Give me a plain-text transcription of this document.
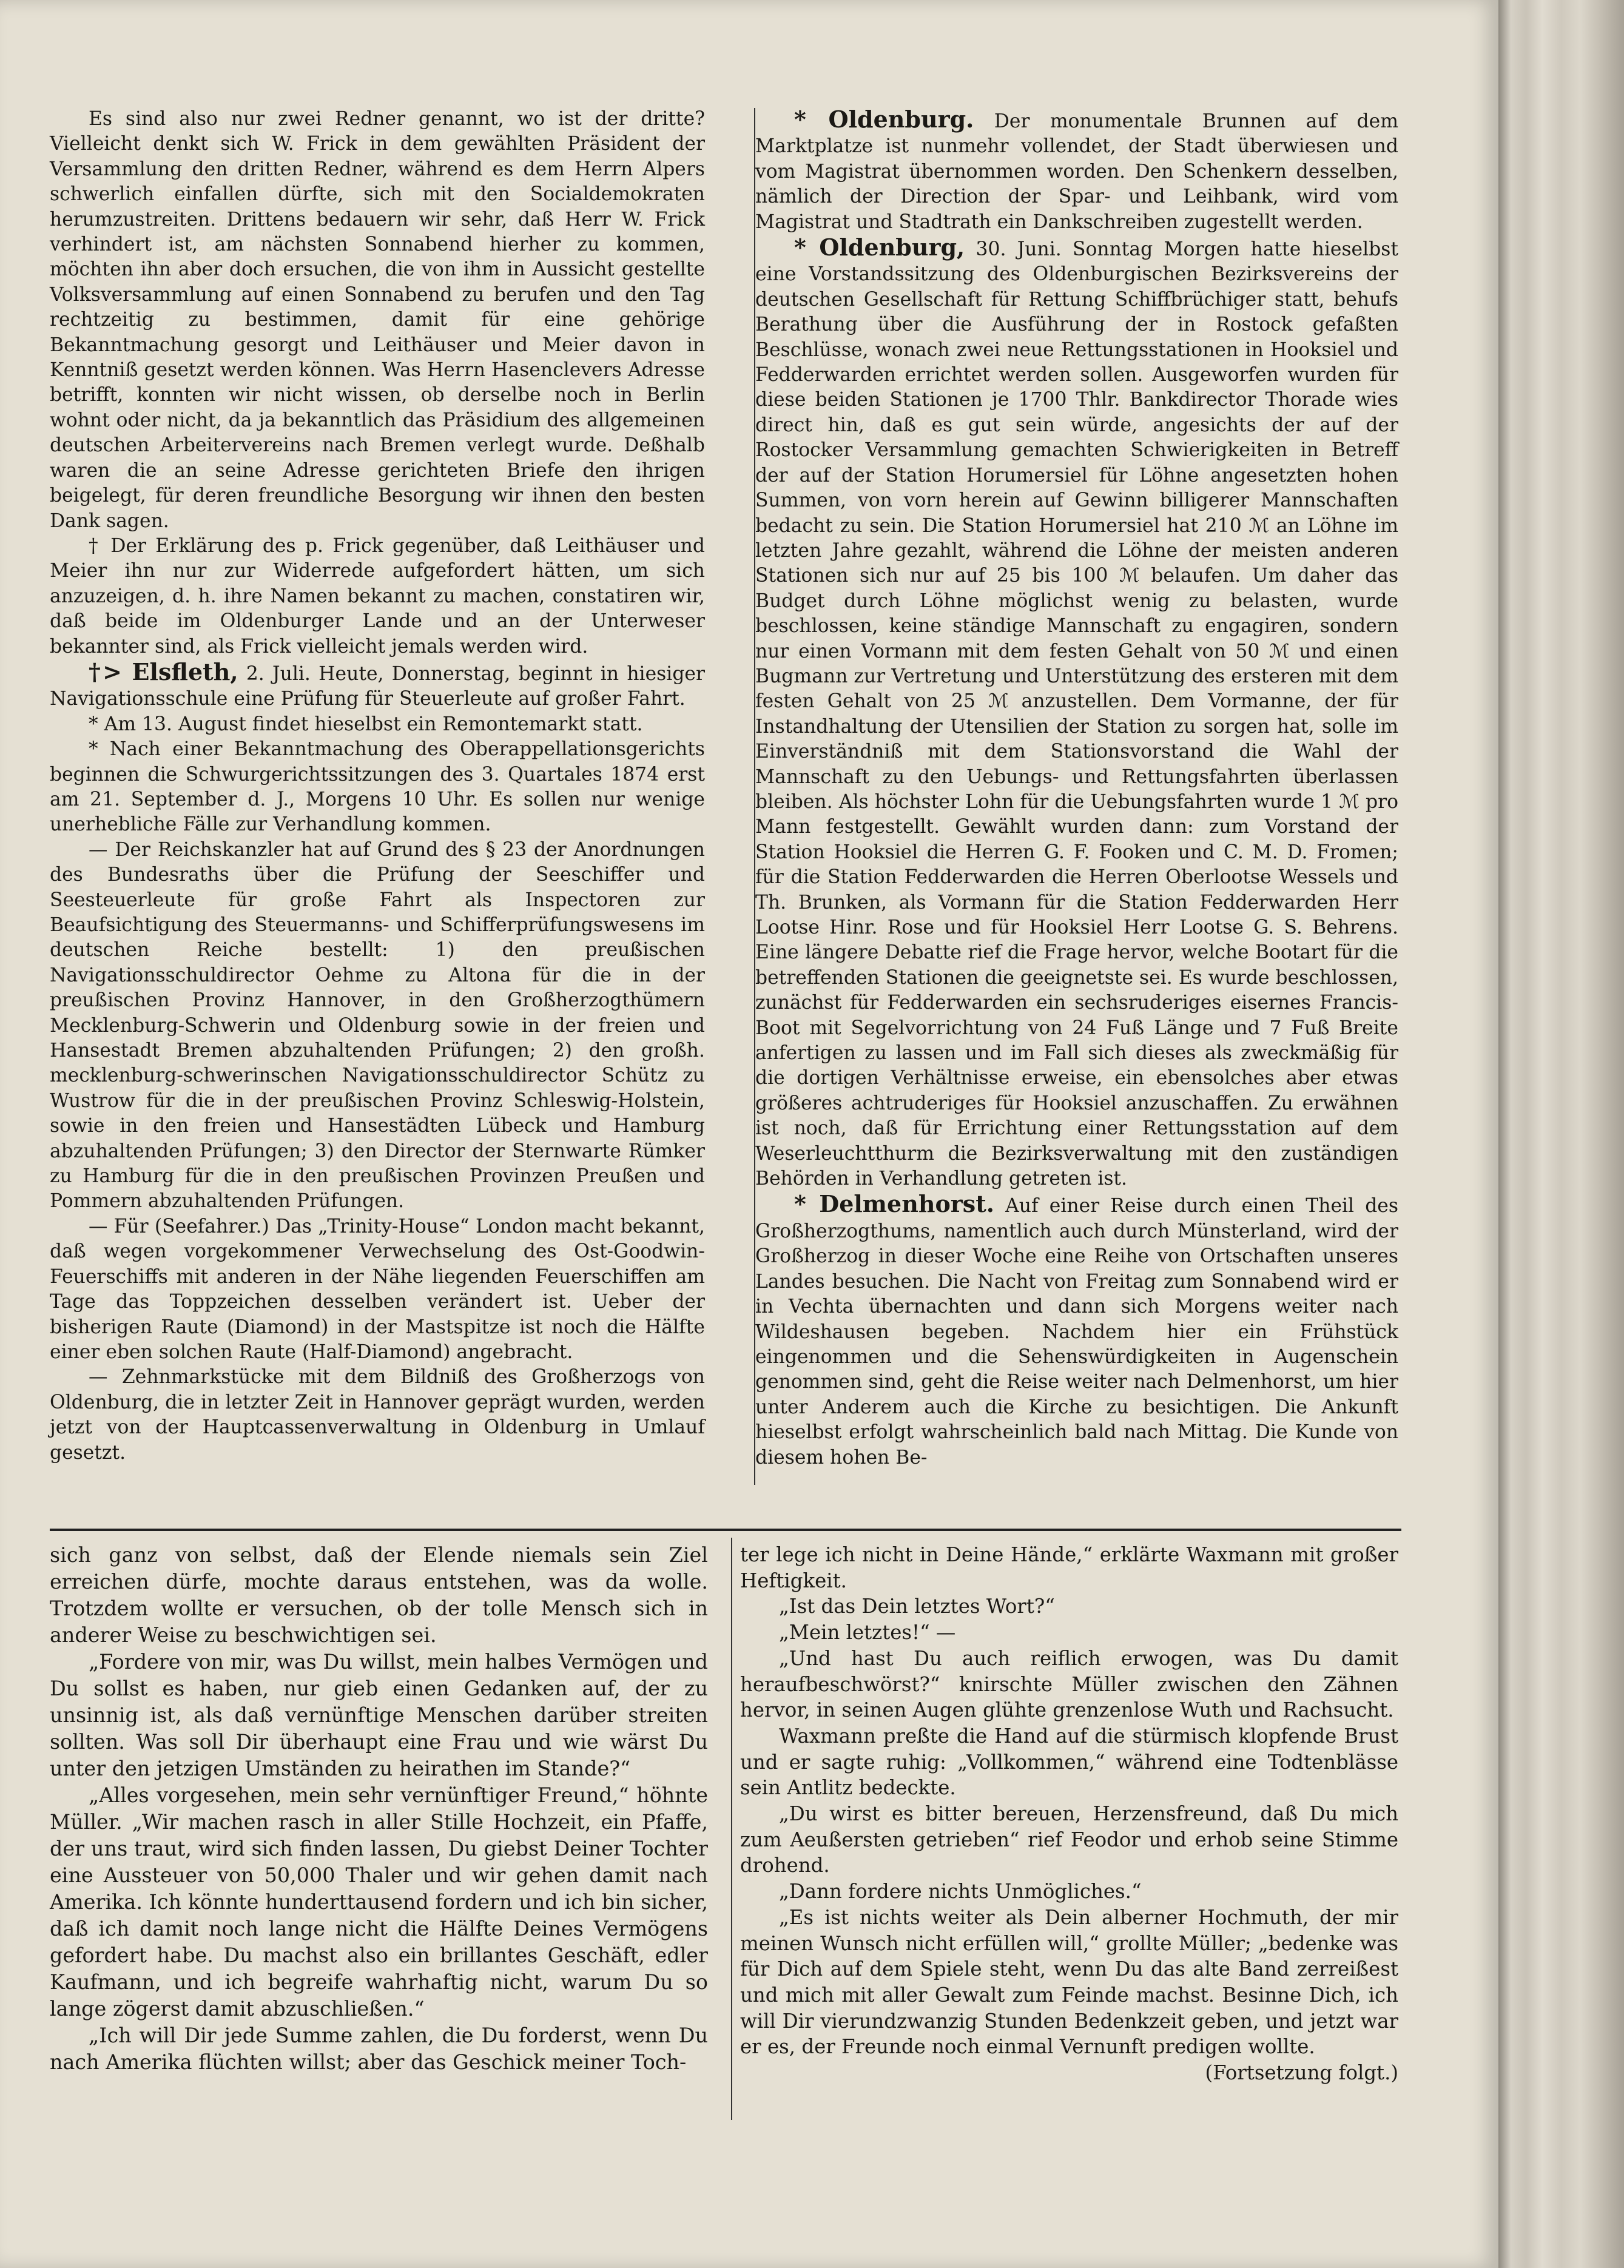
Es sind also nur zwei Redner genannt, wo ist der dritte? Vielleicht denkt sich W. Frick in dem gewählten Präsident der Versammlung den dritten Redner, während es dem Herrn Alpers schwerlich einfallen dürfte, sich mit den Socialdemokraten herumzustreiten. Drittens bedauern wir sehr, daß Herr W. Frick verhindert ist, am nächsten Sonnabend hierher zu kommen, möchten ihn aber doch ersuchen, die von ihm in Aussicht gestellte Volksversammlung auf einen Sonnabend zu berufen und den Tag rechtzeitig zu bestimmen, damit für eine gehörige Bekanntmachung gesorgt und Leithäuser und Meier davon in Kenntniß gesetzt werden können. Was Herrn Hasenclevers Adresse betrifft, konnten wir nicht wissen, ob derselbe noch in Berlin wohnt oder nicht, da ja bekanntlich das Präsidium des allgemeinen deutschen Arbeitervereins nach Bremen verlegt wurde. Deßhalb waren die an seine Adresse gerichteten Briefe den ihrigen beigelegt, für deren freundliche Besorgung wir ihnen den besten Dank sagen.

† Der Erklärung des p. Frick gegenüber, daß Leithäuser und Meier ihn nur zur Widerrede aufgefordert hätten, um sich anzuzeigen, d. h. ihre Namen bekannt zu machen, constatiren wir, daß beide im Oldenburger Lande und an der Unterweser bekannter sind, als Frick vielleicht jemals werden wird.

†> Elsfleth, 2. Juli. Heute, Donnerstag, beginnt in hiesiger Navigationsschule eine Prüfung für Steuerleute auf großer Fahrt.

* Am 13. August findet hieselbst ein Remontemarkt statt.

* Nach einer Bekanntmachung des Oberappellationsgerichts beginnen die Schwurgerichtssitzungen des 3. Quartales 1874 erst am 21. September d. J., Morgens 10 Uhr. Es sollen nur wenige unerhebliche Fälle zur Verhandlung kommen.

— Der Reichskanzler hat auf Grund des § 23 der Anordnungen des Bundesraths über die Prüfung der Seeschiffer und Seesteuerleute für große Fahrt als Inspectoren zur Beaufsichtigung des Steuermanns- und Schifferprüfungswesens im deutschen Reiche bestellt: 1) den preußischen Navigationsschuldirector Oehme zu Altona für die in der preußischen Provinz Hannover, in den Großherzogthümern Mecklenburg-Schwerin und Oldenburg sowie in der freien und Hansestadt Bremen abzuhaltenden Prüfungen; 2) den großh. mecklenburg-schwerinschen Navigationsschuldirector Schütz zu Wustrow für die in der preußischen Provinz Schleswig-Holstein, sowie in den freien und Hansestädten Lübeck und Hamburg abzuhaltenden Prüfungen; 3) den Director der Sternwarte Rümker zu Hamburg für die in den preußischen Provinzen Preußen und Pommern abzuhaltenden Prüfungen.

— Für (Seefahrer.) Das „Trinity-House“ London macht bekannt, daß wegen vorgekommener Verwechselung des Ost-Goodwin-Feuerschiffs mit anderen in der Nähe liegenden Feuerschiffen am Tage das Toppzeichen desselben verändert ist. Ueber der bisherigen Raute (Diamond) in der Mastspitze ist noch die Hälfte einer eben solchen Raute (Half-Diamond) angebracht.

— Zehnmarkstücke mit dem Bildniß des Großherzogs von Oldenburg, die in letzter Zeit in Hannover geprägt wurden, werden jetzt von der Hauptcassenverwaltung in Oldenburg in Umlauf gesetzt.

* Oldenburg. Der monumentale Brunnen auf dem Marktplatze ist nunmehr vollendet, der Stadt überwiesen und vom Magistrat übernommen worden. Den Schenkern desselben, nämlich der Direction der Spar- und Leihbank, wird vom Magistrat und Stadtrath ein Dankschreiben zugestellt werden.

* Oldenburg, 30. Juni. Sonntag Morgen hatte hieselbst eine Vorstandssitzung des Oldenburgischen Bezirksvereins der deutschen Gesellschaft für Rettung Schiffbrüchiger statt, behufs Berathung über die Ausführung der in Rostock gefaßten Beschlüsse, wonach zwei neue Rettungsstationen in Hooksiel und Fedderwarden errichtet werden sollen. Ausgeworfen wurden für diese beiden Stationen je 1700 Thlr. Bankdirector Thorade wies direct hin, daß es gut sein würde, angesichts der auf der Rostocker Versammlung gemachten Schwierigkeiten in Betreff der auf der Station Horumersiel für Löhne angesetzten hohen Summen, von vorn herein auf Gewinn billigerer Mannschaften bedacht zu sein. Die Station Horumersiel hat 210 ℳ an Löhne im letzten Jahre gezahlt, während die Löhne der meisten anderen Stationen sich nur auf 25 bis 100 ℳ belaufen. Um daher das Budget durch Löhne möglichst wenig zu belasten, wurde beschlossen, keine ständige Mannschaft zu engagiren, sondern nur einen Vormann mit dem festen Gehalt von 50 ℳ und einen Bugmann zur Vertretung und Unterstützung des ersteren mit dem festen Gehalt von 25 ℳ anzustellen. Dem Vormanne, der für Instandhaltung der Utensilien der Station zu sorgen hat, solle im Einverständniß mit dem Stationsvorstand die Wahl der Mannschaft zu den Uebungs- und Rettungsfahrten überlassen bleiben. Als höchster Lohn für die Uebungsfahrten wurde 1 ℳ pro Mann festgestellt. Gewählt wurden dann: zum Vorstand der Station Hooksiel die Herren G. F. Fooken und C. M. D. Fromen; für die Station Fedderwarden die Herren Oberlootse Wessels und Th. Brunken, als Vormann für die Station Fedderwarden Herr Lootse Hinr. Rose und für Hooksiel Herr Lootse G. S. Behrens. Eine längere Debatte rief die Frage hervor, welche Bootart für die betreffenden Stationen die geeignetste sei. Es wurde beschlossen, zunächst für Fedderwarden ein sechsruderiges eisernes Francis-Boot mit Segelvorrichtung von 24 Fuß Länge und 7 Fuß Breite anfertigen zu lassen und im Fall sich dieses als zweckmäßig für die dortigen Verhältnisse erweise, ein ebensolches aber etwas größeres achtruderiges für Hooksiel anzuschaffen. Zu erwähnen ist noch, daß für Errichtung einer Rettungsstation auf dem Weserleuchtthurm die Bezirksverwaltung mit den zuständigen Behörden in Verhandlung getreten ist.

* Delmenhorst. Auf einer Reise durch einen Theil des Großherzogthums, namentlich auch durch Münsterland, wird der Großherzog in dieser Woche eine Reihe von Ortschaften unseres Landes besuchen. Die Nacht von Freitag zum Sonnabend wird er in Vechta übernachten und dann sich Morgens weiter nach Wildeshausen begeben. Nachdem hier ein Frühstück eingenommen und die Sehenswürdigkeiten in Augenschein genommen sind, geht die Reise weiter nach Delmenhorst, um hier unter Anderem auch die Kirche zu besichtigen. Die Ankunft hieselbst erfolgt wahrscheinlich bald nach Mittag. Die Kunde von diesem hohen Be-

sich ganz von selbst, daß der Elende niemals sein Ziel erreichen dürfe, mochte daraus entstehen, was da wolle. Trotzdem wollte er versuchen, ob der tolle Mensch sich in anderer Weise zu beschwichtigen sei.

„Fordere von mir, was Du willst, mein halbes Vermögen und Du sollst es haben, nur gieb einen Gedanken auf, der zu unsinnig ist, als daß vernünftige Menschen darüber streiten sollten. Was soll Dir überhaupt eine Frau und wie wärst Du unter den jetzigen Umständen zu heirathen im Stande?“

„Alles vorgesehen, mein sehr vernünftiger Freund,“ höhnte Müller. „Wir machen rasch in aller Stille Hochzeit, ein Pfaffe, der uns traut, wird sich finden lassen, Du giebst Deiner Tochter eine Aussteuer von 50,000 Thaler und wir gehen damit nach Amerika. Ich könnte hunderttausend fordern und ich bin sicher, daß ich damit noch lange nicht die Hälfte Deines Vermögens gefordert habe. Du machst also ein brillantes Geschäft, edler Kaufmann, und ich begreife wahrhaftig nicht, warum Du so lange zögerst damit abzuschließen.“

„Ich will Dir jede Summe zahlen, die Du forderst, wenn Du nach Amerika flüchten willst; aber das Geschick meiner Toch-

ter lege ich nicht in Deine Hände,“ erklärte Waxmann mit großer Heftigkeit.

„Ist das Dein letztes Wort?“

„Mein letztes!“ —

„Und hast Du auch reiflich erwogen, was Du damit heraufbeschwörst?“ knirschte Müller zwischen den Zähnen hervor, in seinen Augen glühte grenzenlose Wuth und Rachsucht.

Waxmann preßte die Hand auf die stürmisch klopfende Brust und er sagte ruhig: „Vollkommen,“ während eine Todtenblässe sein Antlitz bedeckte.

„Du wirst es bitter bereuen, Herzensfreund, daß Du mich zum Aeußersten getrieben“ rief Feodor und erhob seine Stimme drohend.

„Dann fordere nichts Unmögliches.“

„Es ist nichts weiter als Dein alberner Hochmuth, der mir meinen Wunsch nicht erfüllen will,“ grollte Müller; „bedenke was für Dich auf dem Spiele steht, wenn Du das alte Band zerreißest und mich mit aller Gewalt zum Feinde machst. Besinne Dich, ich will Dir vierundzwanzig Stunden Bedenkzeit geben, und jetzt war er es, der Freunde noch einmal Vernunft predigen wollte.

(Fortsetzung folgt.)
